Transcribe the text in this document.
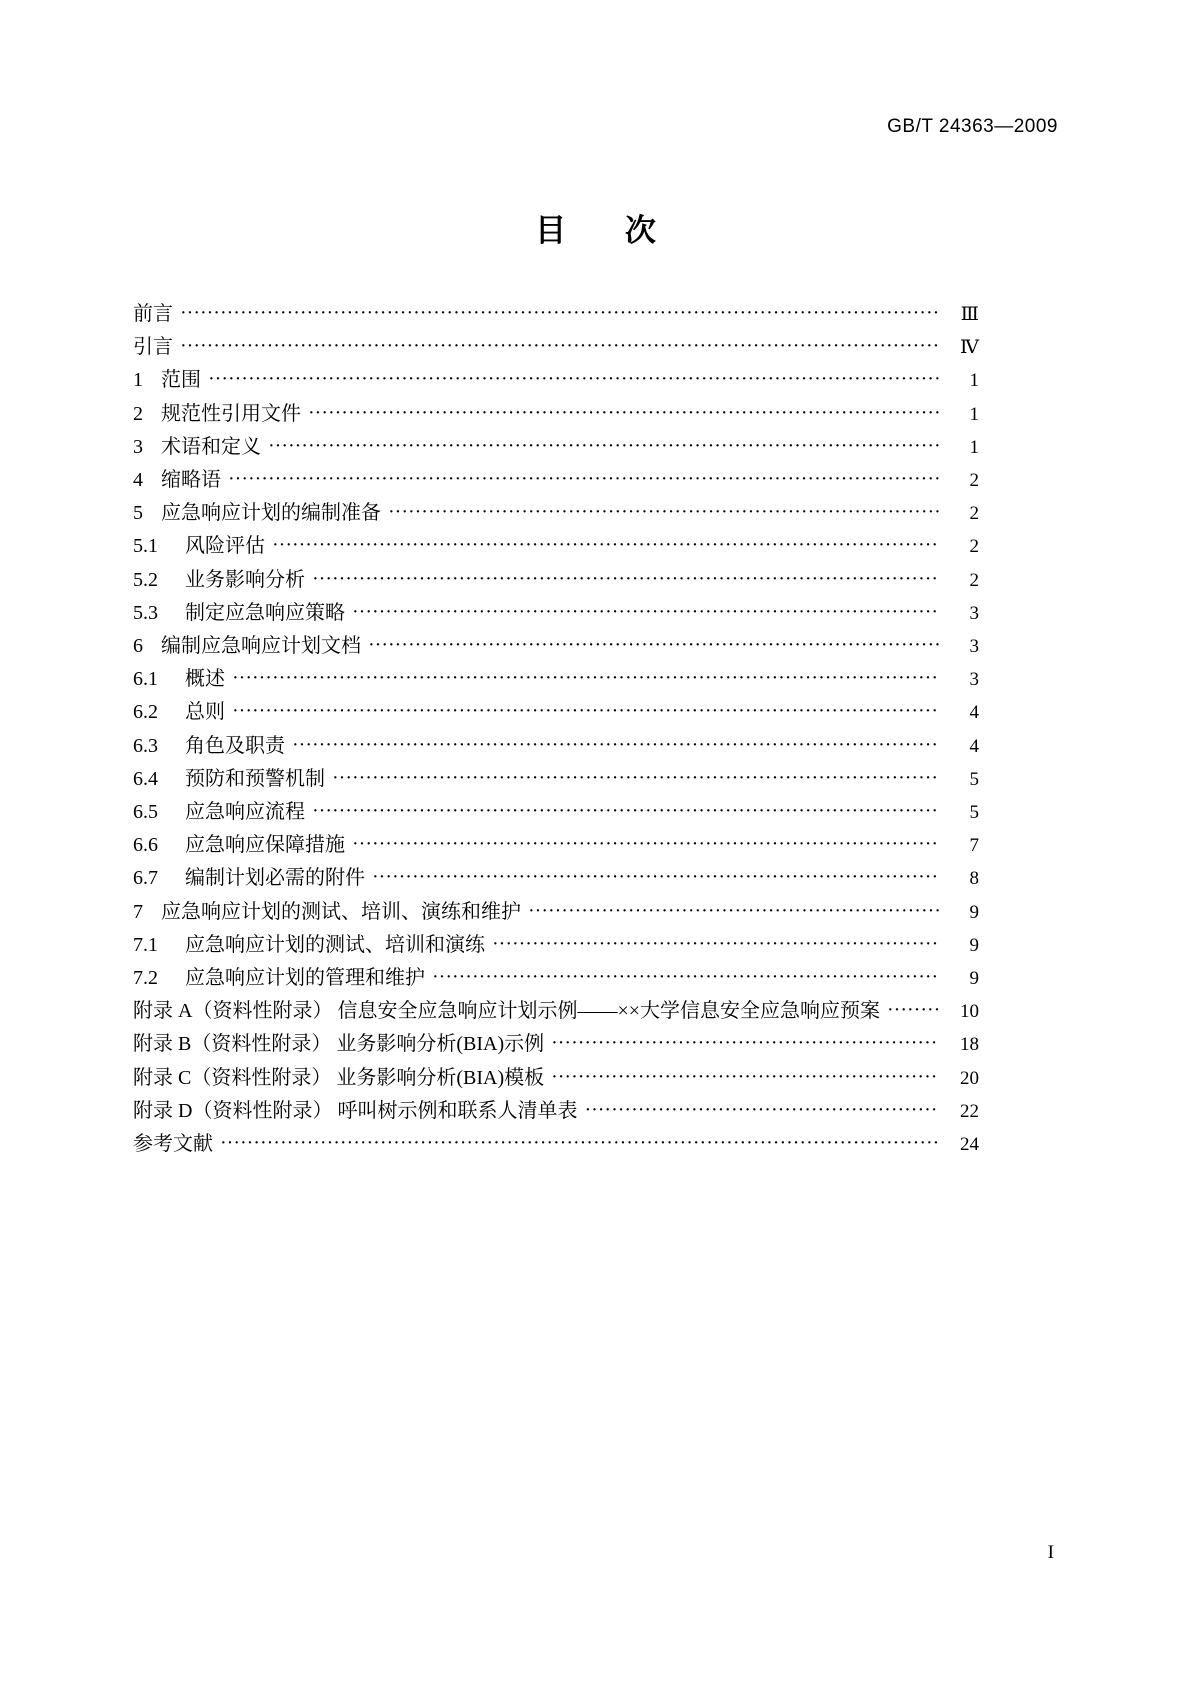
GB/T 24363—2009
目 次
前言 ·····	Ⅲ
引言 ·····	Ⅳ
1 范围 ·····	1
2 规范性引用文件 ·····	1
3 术语和定义 ·····	1
4 缩略语 ·····	2
5 应急响应计划的编制准备 ·····	2
5.1	风险评估 ·····	2
5.2	业务影响分析 ·····	2
5.3	制定应急响应策略 ·····	3
6 编制应急响应计划文档 ·····	3
6.1	概述 ·····	3
6.2	总则 ·····	4
6.3	角色及职责 ·····	4
6.4	预防和预警机制 ·····	5
6.5	应急响应流程 ·····	5
6.6	应急响应保障措施 ·····	7
6.7	编制计划必需的附件 ·····	8
7 应急响应计划的测试、培训、演练和维护 ·····	9
7.1	应急响应计划的测试、培训和演练 ·····	9
7.2	应急响应计划的管理和维护 ·····	9
附录 A（资料性附录） 信息安全应急响应计划示例——××大学信息安全应急响应预案 ·····	10
附录 B（资料性附录） 业务影响分析(BIA)示例 ·····	18
附录 C（资料性附录） 业务影响分析(BIA)模板 ·····	20
附录 D（资料性附录） 呼叫树示例和联系人清单表 ·····	22
参考文献 ·····	24
I
